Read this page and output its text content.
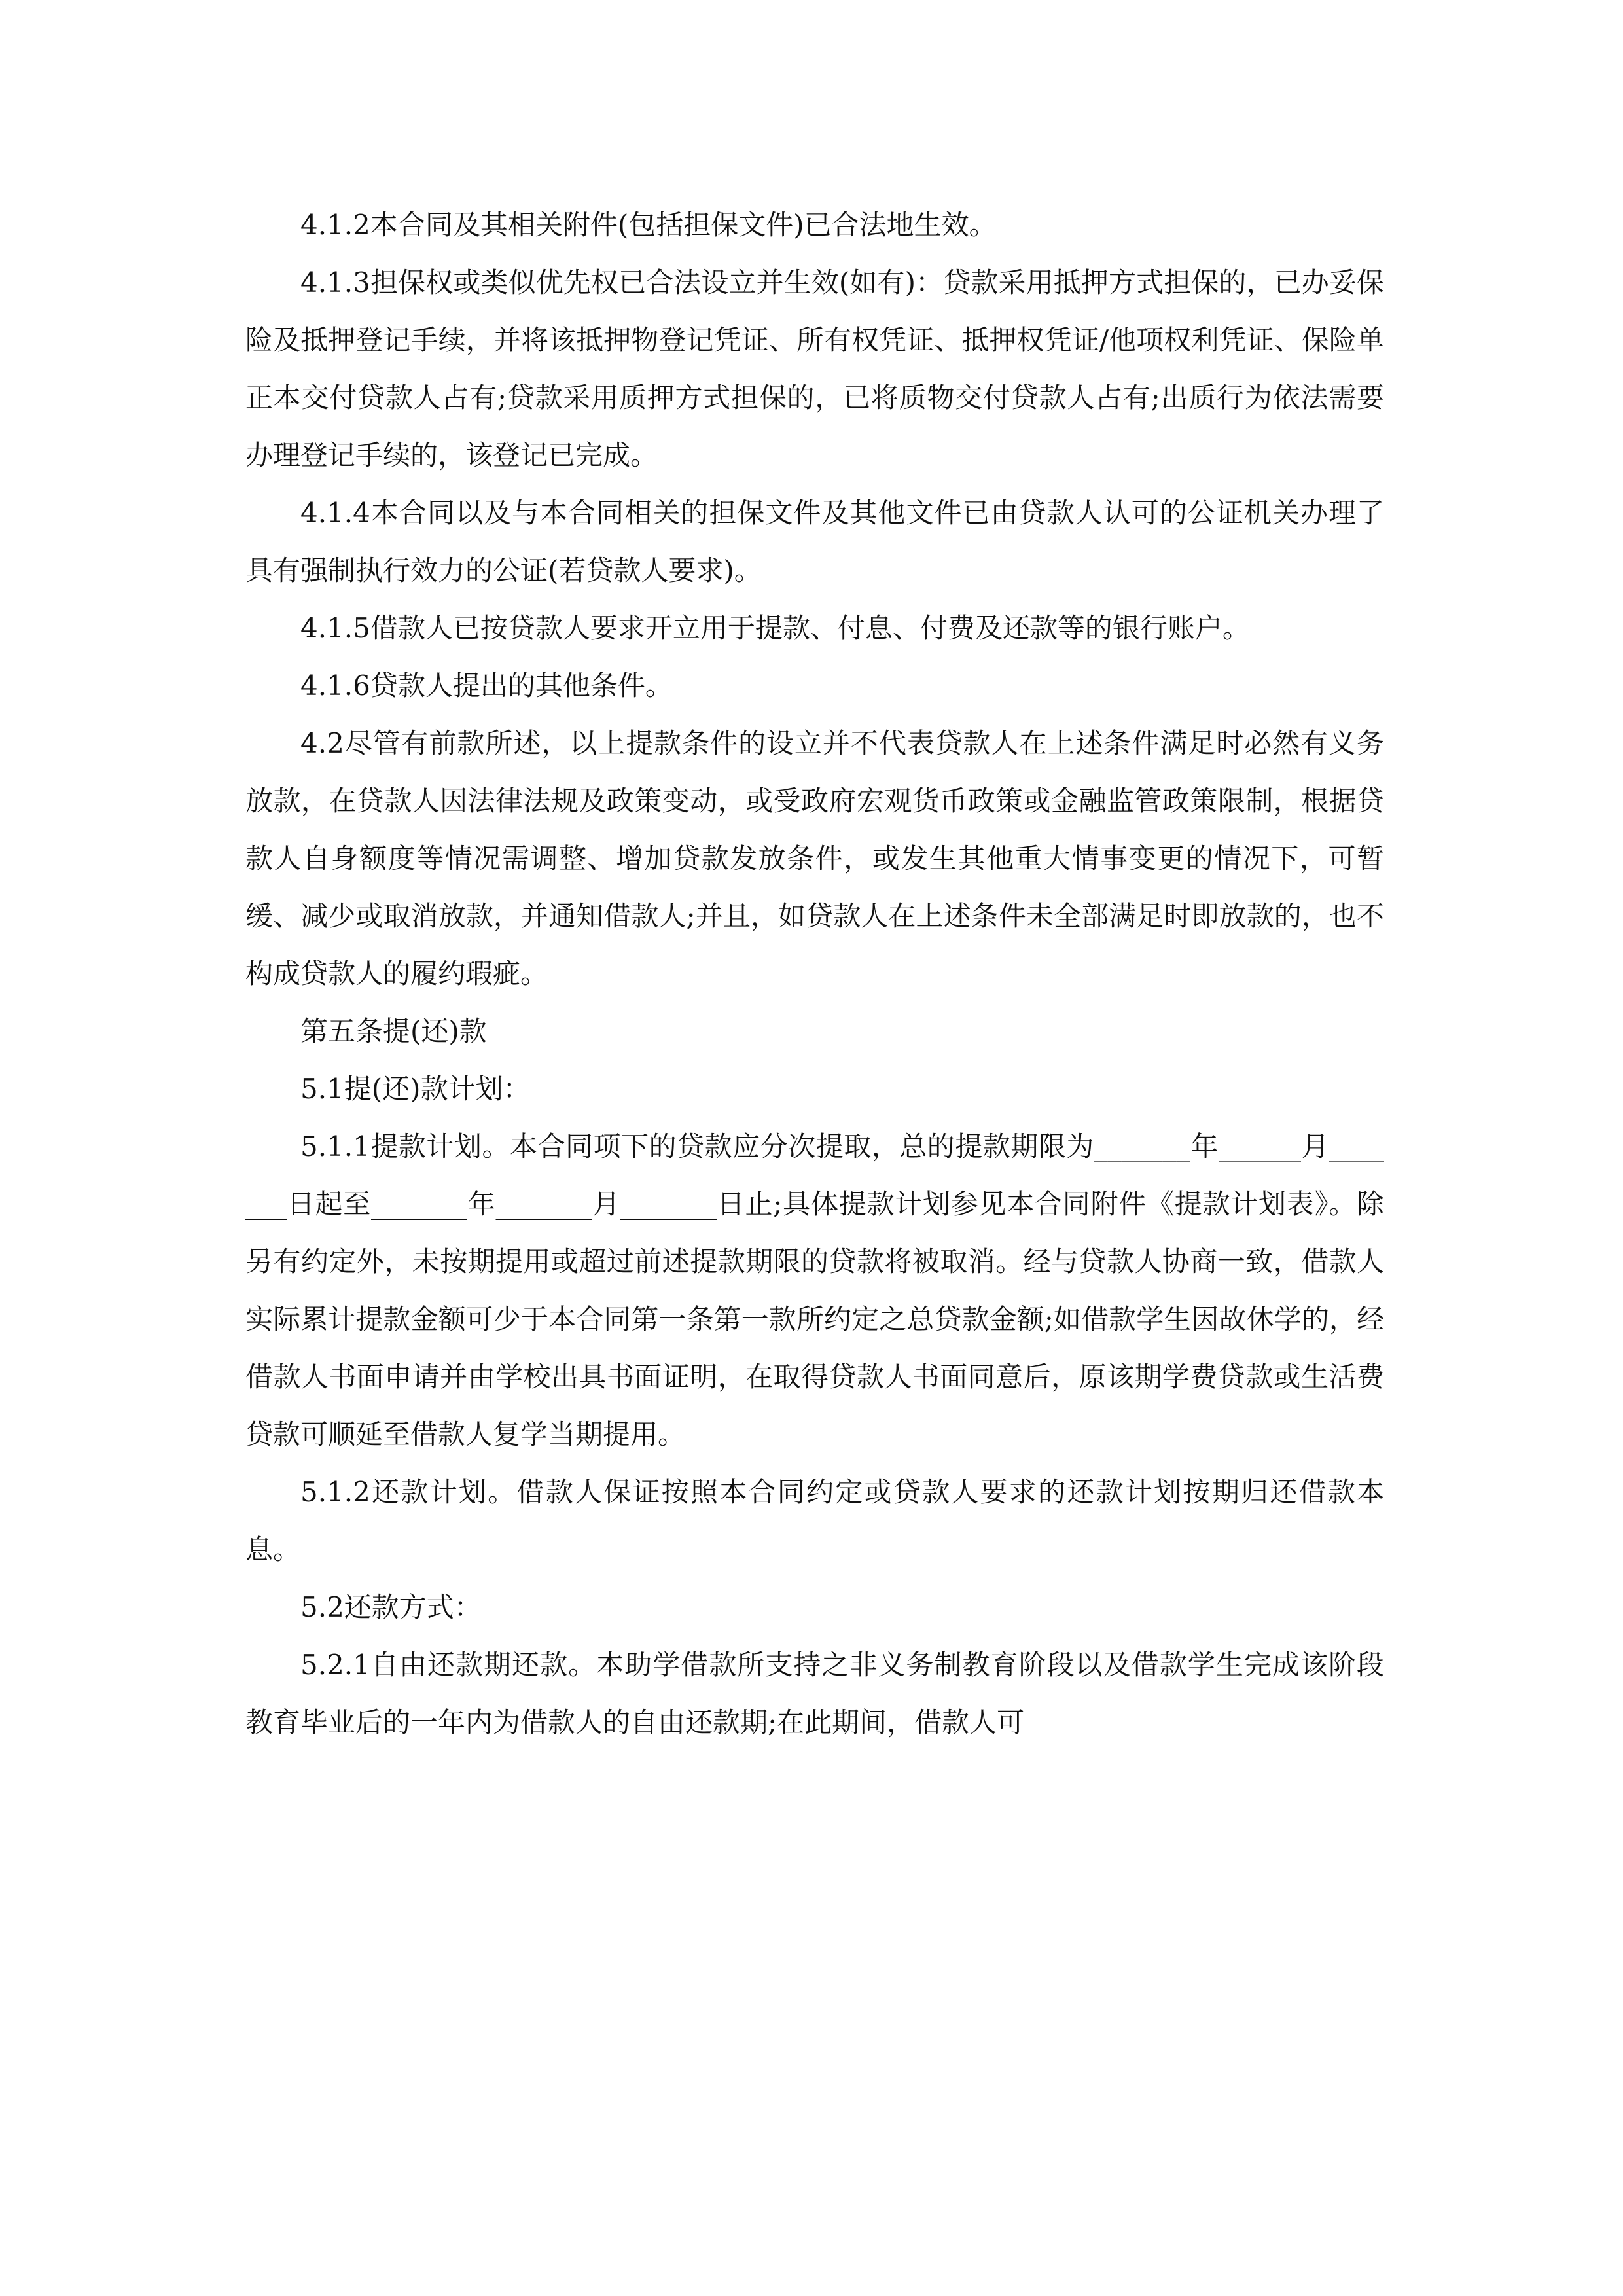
4.1.2本合同及其相关附件(包括担保文件)已合法地生效。

4.1.3担保权或类似优先权已合法设立并生效(如有)：贷款采用抵押方式担保的，已办妥保险及抵押登记手续，并将该抵押物登记凭证、所有权凭证、抵押权凭证/他项权利凭证、保险单正本交付贷款人占有;贷款采用质押方式担保的，已将质物交付贷款人占有;出质行为依法需要办理登记手续的，该登记已完成。

4.1.4本合同以及与本合同相关的担保文件及其他文件已由贷款人认可的公证机关办理了具有强制执行效力的公证(若贷款人要求)。

4.1.5借款人已按贷款人要求开立用于提款、付息、付费及还款等的银行账户。

4.1.6贷款人提出的其他条件。

4.2尽管有前款所述，以上提款条件的设立并不代表贷款人在上述条件满足时必然有义务放款，在贷款人因法律法规及政策变动，或受政府宏观货币政策或金融监管政策限制，根据贷款人自身额度等情况需调整、增加贷款发放条件，或发生其他重大情事变更的情况下，可暂缓、减少或取消放款，并通知借款人;并且，如贷款人在上述条件未全部满足时即放款的，也不构成贷款人的履约瑕疵。

第五条提(还)款

5.1提(还)款计划：

5.1.1提款计划。本合同项下的贷款应分次提取，总的提款期限为_______年______月_______日起至_______年_______月_______日止;具体提款计划参见本合同附件《提款计划表》。除另有约定外，未按期提用或超过前述提款期限的贷款将被取消。经与贷款人协商一致，借款人实际累计提款金额可少于本合同第一条第一款所约定之总贷款金额;如借款学生因故休学的，经借款人书面申请并由学校出具书面证明，在取得贷款人书面同意后，原该期学费贷款或生活费贷款可顺延至借款人复学当期提用。

5.1.2还款计划。借款人保证按照本合同约定或贷款人要求的还款计划按期归还借款本息。

5.2还款方式：

5.2.1自由还款期还款。本助学借款所支持之非义务制教育阶段以及借款学生完成该阶段教育毕业后的一年内为借款人的自由还款期;在此期间，借款人可
